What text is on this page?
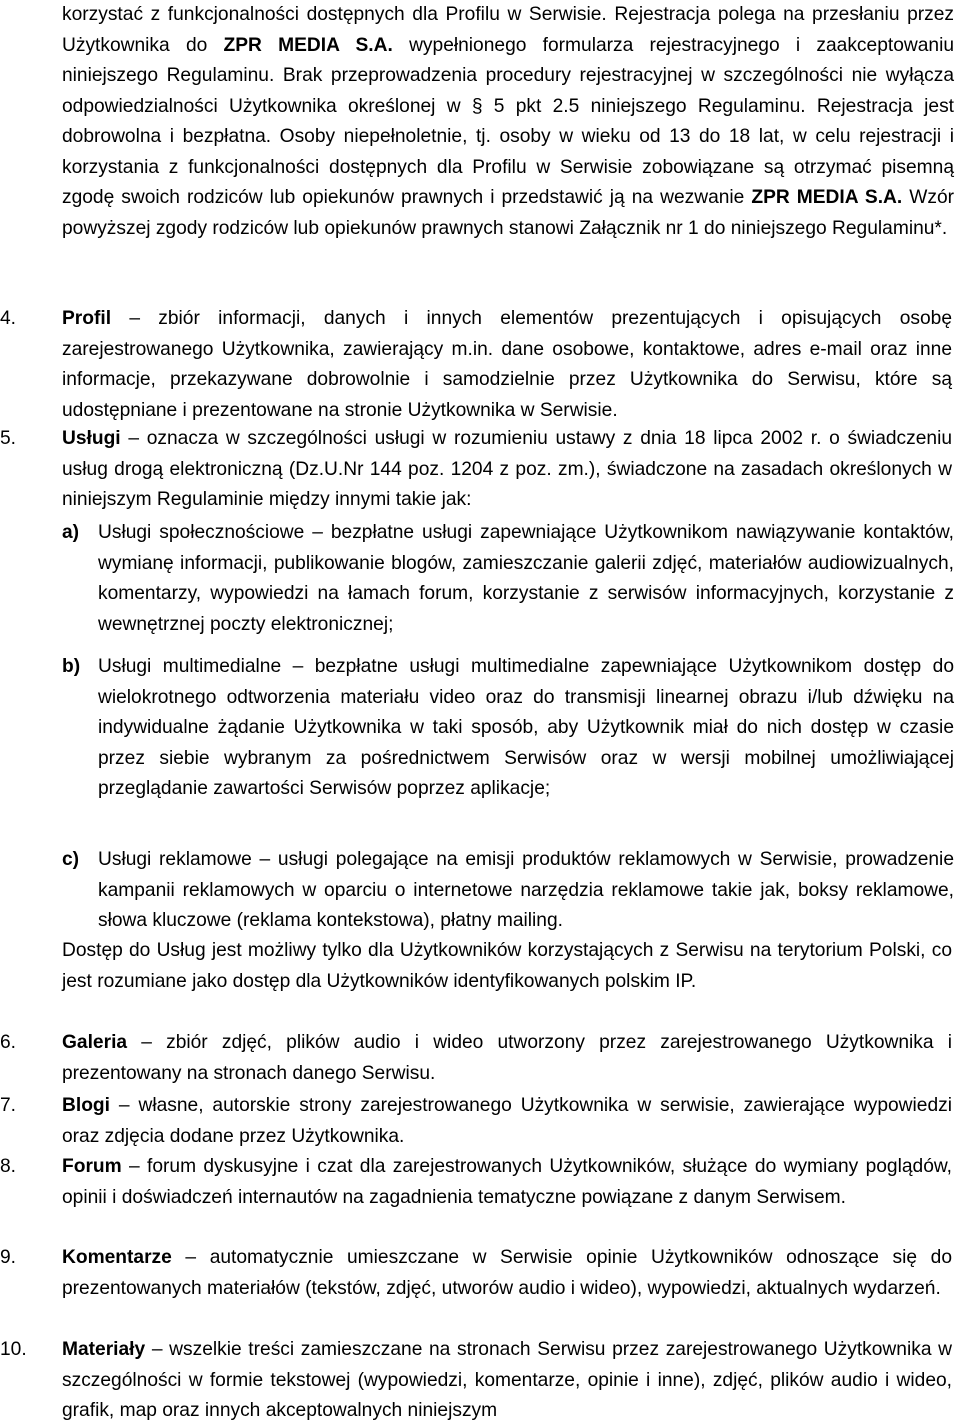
korzystać z funkcjonalności dostępnych dla Profilu w Serwisie. Rejestracja polega na przesłaniu przez Użytkownika do ZPR MEDIA S.A. wypełnionego formularza rejestracyjnego i zaakceptowaniu niniejszego Regulaminu. Brak przeprowadzenia procedury rejestracyjnej w szczególności nie wyłącza odpowiedzialności Użytkownika określonej w § 5 pkt 2.5 niniejszego Regulaminu. Rejestracja jest dobrowolna i bezpłatna. Osoby niepełnoletnie, tj. osoby w wieku od 13 do 18 lat, w celu rejestracji i korzystania z funkcjonalności dostępnych dla Profilu w Serwisie zobowiązane są otrzymać pisemną zgodę swoich rodziców lub opiekunów prawnych i przedstawić ją na wezwanie ZPR MEDIA S.A. Wzór powyższej zgody rodziców lub opiekunów prawnych stanowi Załącznik nr 1 do niniejszego Regulaminu*.
4.	Profil – zbiór informacji, danych i innych elementów prezentujących i opisujących osobę zarejestrowanego Użytkownika, zawierający m.in. dane osobowe, kontaktowe, adres e-mail oraz inne informacje, przekazywane dobrowolnie i samodzielnie przez Użytkownika do Serwisu, które są udostępniane i prezentowane na stronie Użytkownika w Serwisie.
5.	Usługi – oznacza w szczególności usługi w rozumieniu ustawy z dnia 18 lipca 2002 r. o świadczeniu usług drogą elektroniczną (Dz.U.Nr 144 poz. 1204 z poz. zm.), świadczone na zasadach określonych w niniejszym Regulaminie między innymi takie jak:
a) Usługi społecznościowe – bezpłatne usługi zapewniające Użytkownikom nawiązywanie kontaktów, wymianę informacji, publikowanie blogów, zamieszczanie galerii zdjęć, materiałów audiowizualnych, komentarzy, wypowiedzi na łamach forum, korzystanie z serwisów informacyjnych, korzystanie z wewnętrznej poczty elektronicznej;
b) Usługi multimedialne – bezpłatne usługi multimedialne zapewniające Użytkownikom dostęp do wielokrotnego odtworzenia materiału video oraz do transmisji linearnej obrazu i/lub dźwięku na indywidualne żądanie Użytkownika w taki sposób, aby Użytkownik miał do nich dostęp w czasie przez siebie wybranym za pośrednictwem Serwisów oraz w wersji mobilnej umożliwiającej przeglądanie zawartości Serwisów poprzez aplikacje;
c) Usługi reklamowe – usługi polegające na emisji produktów reklamowych w Serwisie, prowadzenie kampanii reklamowych w oparciu o internetowe narzędzia reklamowe takie jak, boksy reklamowe, słowa kluczowe (reklama kontekstowa), płatny mailing.
Dostęp do Usług jest możliwy tylko dla Użytkowników korzystających z Serwisu na terytorium Polski, co jest rozumiane jako dostęp dla Użytkowników identyfikowanych polskim IP.
6.	Galeria – zbiór zdjęć, plików audio i wideo utworzony przez zarejestrowanego Użytkownika i prezentowany na stronach danego Serwisu.
7.	Blogi – własne, autorskie strony zarejestrowanego Użytkownika w serwisie, zawierające wypowiedzi oraz zdjęcia dodane przez Użytkownika.
8.	Forum – forum dyskusyjne i czat dla zarejestrowanych Użytkowników, służące do wymiany poglądów, opinii i doświadczeń internautów na zagadnienia tematyczne powiązane z danym Serwisem.
9.	Komentarze – automatycznie umieszczane w Serwisie opinie Użytkowników odnoszące się do prezentowanych materiałów (tekstów, zdjęć, utworów audio i wideo), wypowiedzi, aktualnych wydarzeń.
10.	Materiały – wszelkie treści zamieszczane na stronach Serwisu przez zarejestrowanego Użytkownika w szczególności w formie tekstowej (wypowiedzi, komentarze, opinie i inne), zdjęć, plików audio i wideo, grafik, map oraz innych akceptowalnych niniejszym
